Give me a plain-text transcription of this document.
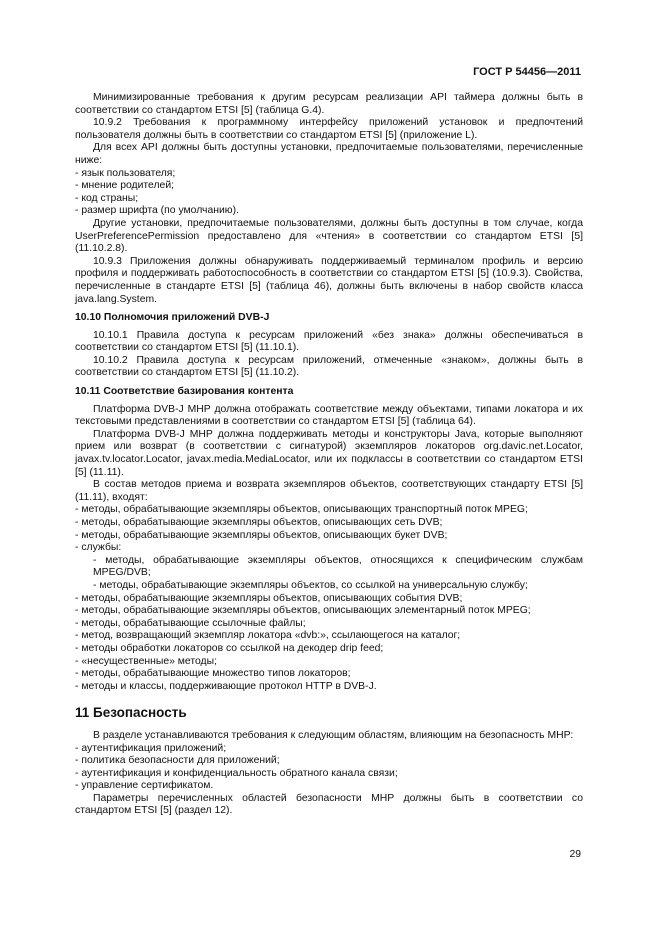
ГОСТ Р 54456—2011

Минимизированные требования к другим ресурсам реализации API таймера должны быть в соответствии со стандартом ETSI [5] (таблица G.4).

10.9.2 Требования к программному интерфейсу приложений установок и предпочтений пользователя должны быть в соответствии со стандартом ETSI [5] (приложение L).

Для всех API должны быть доступны установки, предпочитаемые пользователями, перечисленные ниже:

- язык пользователя;

- мнение родителей;

- код страны;

- размер шрифта (по умолчанию).

Другие установки, предпочитаемые пользователями, должны быть доступны в том случае, когда UserPreferencePermission предоставлено для «чтения» в соответствии со стандартом ETSI [5] (11.10.2.8).

10.9.3 Приложения должны обнаруживать поддерживаемый терминалом профиль и версию профиля и поддерживать работоспособность в соответствии со стандартом ETSI [5] (10.9.3). Свойства, перечисленные в стандарте ETSI [5] (таблица 46), должны быть включены в набор свойств класса java.lang.System.

10.10 Полномочия приложений DVB-J

10.10.1 Правила доступа к ресурсам приложений «без знака» должны обеспечиваться в соответствии со стандартом ETSI [5] (11.10.1).

10.10.2 Правила доступа к ресурсам приложений, отмеченные «знаком», должны быть в соответствии со стандартом ETSI [5] (11.10.2).

10.11 Соответствие базирования контента

Платформа DVB-J МНР должна отображать соответствие между объектами, типами локатора и их текстовыми представлениями в соответствии со стандартом ETSI [5] (таблица 64).

Платформа DVB-J МНР должна поддерживать методы и конструкторы Java, которые выполняют прием или возврат (в соответствии с сигнатурой) экземпляров локаторов org.davic.net.Locator, javax.tv.locator.Locator, javax.media.MediaLocator, или их подклассы в соответствии со стандартом ETSI [5] (11.11).

В состав методов приема и возврата экземпляров объектов, соответствующих стандарту ETSI [5] (11.11), входят:

- методы, обрабатывающие экземпляры объектов, описывающих транспортный поток MPEG;

- методы, обрабатывающие экземпляры объектов, описывающих сеть DVB;

- методы, обрабатывающие экземпляры объектов, описывающих букет DVB;

- службы:

- методы, обрабатывающие экземпляры объектов, относящихся к специфическим службам MPEG/DVB;

- методы, обрабатывающие экземпляры объектов, со ссылкой на универсальную службу;

- методы, обрабатывающие экземпляры объектов, описывающих события DVB;

- методы, обрабатывающие экземпляры объектов, описывающих элементарный поток MPEG;

- методы, обрабатывающие ссылочные файлы;

- метод, возвращающий экземпляр локатора «dvb:», ссылающегося на каталог;

- методы обработки локаторов со ссылкой на декодер drip feed;

- «несущественные» методы;

- методы, обрабатывающие множество типов локаторов;

- методы и классы, поддерживающие протокол HTTP в DVB-J.

11 Безопасность

В разделе устанавливаются требования к следующим областям, влияющим на безопасность МНР:

- аутентификация приложений;

- политика безопасности для приложений;

- аутентификация и конфиденциальность обратного канала связи;

- управление сертификатом.

Параметры перечисленных областей безопасности МНР должны быть в соответствии со стандартом ETSI [5] (раздел 12).

29
